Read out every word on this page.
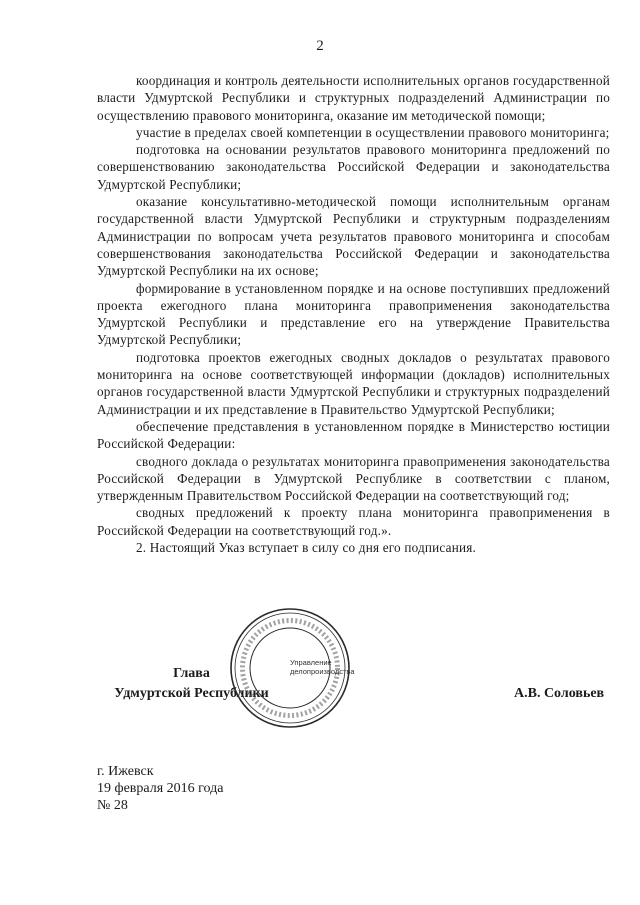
2

координация и контроль деятельности исполнительных органов государственной власти Удмуртской Республики и структурных подразделений Администрации по осуществлению правового мониторинга, оказание им методической помощи;

участие в пределах своей компетенции в осуществлении правового мониторинга;

подготовка на основании результатов правового мониторинга предложений по совершенствованию законодательства Российской Федерации и законодательства Удмуртской Республики;

оказание консультативно-методической помощи исполнительным органам государственной власти Удмуртской Республики и структурным подразделениям Администрации по вопросам учета результатов правового мониторинга и способам совершенствования законодательства Российской Федерации и законодательства Удмуртской Республики на их основе;

формирование в установленном порядке и на основе поступивших предложений проекта ежегодного плана мониторинга правоприменения законодательства Удмуртской Республики и представление его на утверждение Правительства Удмуртской Республики;

подготовка проектов ежегодных сводных докладов о результатах правового мониторинга на основе соответствующей информации (докладов) исполнительных органов государственной власти Удмуртской Республики и структурных подразделений Администрации и их представление в Правительство Удмуртской Республики;

обеспечение представления в установленном порядке в Министерство юстиции Российской Федерации:

сводного доклада о результатах мониторинга правоприменения законодательства Российской Федерации в Удмуртской Республике в соответствии с планом, утвержденным Правительством Российской Федерации на соответствующий год;

сводных предложений к проекту плана мониторинга правоприменения в Российской Федерации на соответствующий год.».

2. Настоящий Указ вступает в силу со дня его подписания.

Глава
Удмуртской Республики	А.В. Соловьев
Управление
делопроизводства
г. Ижевск
19 февраля 2016 года
№ 28
